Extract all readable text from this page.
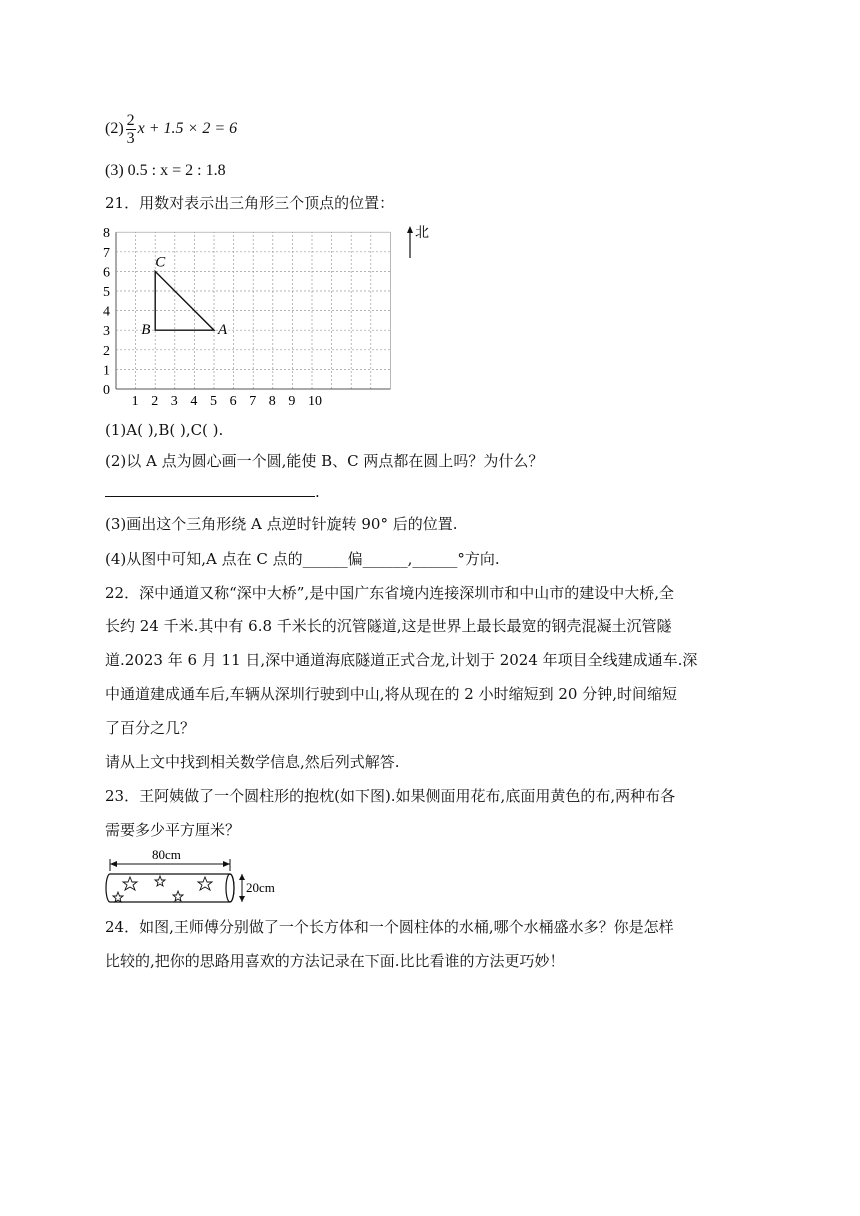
$(2) \frac{2}{3}$ x + 1.5 × 2 = 6
(3) 0.5 : x = 2 : 1.8
21．用数对表示出三角形三个顶点的位置：
0
1
2
3
4
5
6
7
8
1 2 3 4 5 6 7 8 9 10
A
B
C
北
(1)A( ),B( ),C( ).
(2)以 A 点为圆心画一个圆,能使 B、C 两点都在圆上吗？为什么？
.
(3)画出这个三角形绕 A 点逆时针旋转 90° 后的位置.
(4)从图中可知,A 点在 C 点的______偏______,______°方向.
22．深中通道又称“深中大桥”,是中国广东省境内连接深圳市和中山市的建设中大桥,全
长约 24 千米.其中有 6.8 千米长的沉管隧道,这是世界上最长最宽的钢壳混凝土沉管隧
道.2023 年 6 月 11 日,深中通道海底隧道正式合龙,计划于 2024 年项目全线建成通车.深
中通道建成通车后,车辆从深圳行驶到中山,将从现在的 2 小时缩短到 20 分钟,时间缩短
了百分之几？
请从上文中找到相关数学信息,然后列式解答.
23．王阿姨做了一个圆柱形的抱枕(如下图).如果侧面用花布,底面用黄色的布,两种布各
需要多少平方厘米？
80cm
20cm
24．如图,王师傅分别做了一个长方体和一个圆柱体的水桶,哪个水桶盛水多？你是怎样
比较的,把你的思路用喜欢的方法记录在下面.比比看谁的方法更巧妙！
